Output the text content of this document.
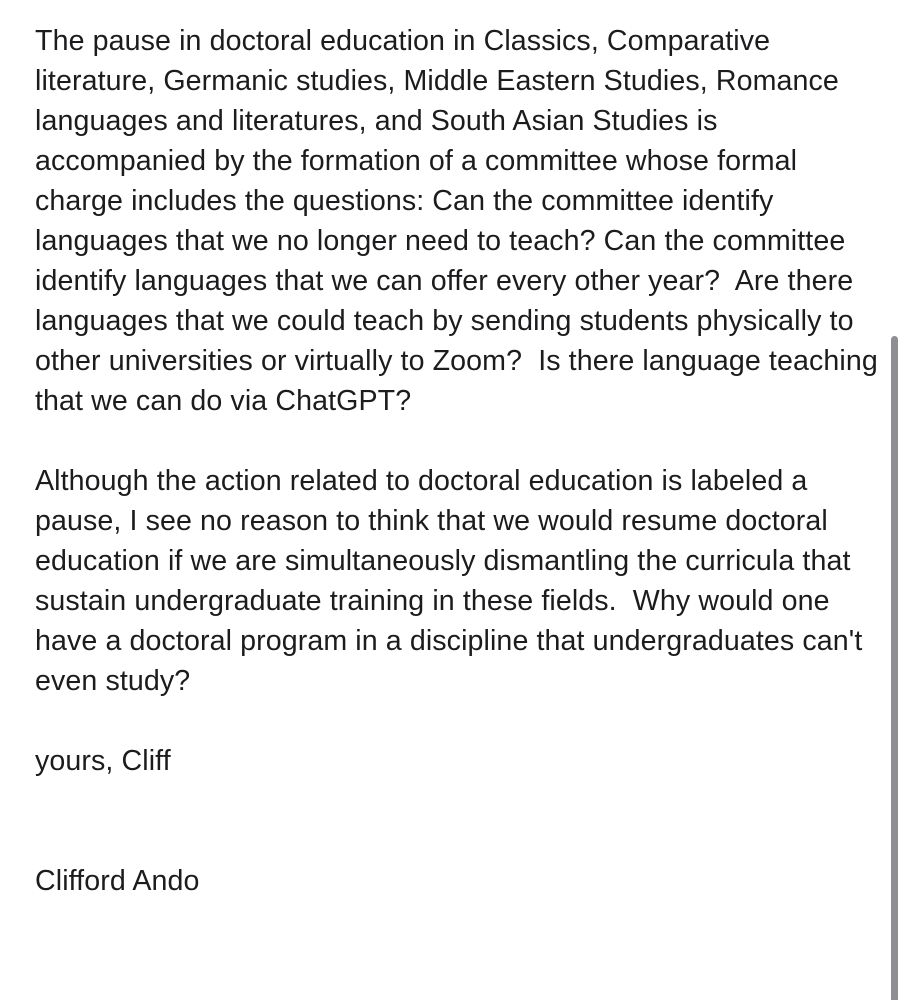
The pause in doctoral education in Classics, Comparative literature, Germanic studies, Middle Eastern Studies, Romance languages and literatures, and South Asian Studies is accompanied by the formation of a committee whose formal charge includes the questions: Can the committee identify languages that we no longer need to teach? Can the committee identify languages that we can offer every other year?  Are there languages that we could teach by sending students physically to other universities or virtually to Zoom?  Is there language teaching that we can do via ChatGPT?

Although the action related to doctoral education is labeled a pause, I see no reason to think that we would resume doctoral education if we are simultaneously dismantling the curricula that sustain undergraduate training in these fields.  Why would one have a doctoral program in a discipline that undergraduates can't even study?

yours, Cliff

Clifford Ando
